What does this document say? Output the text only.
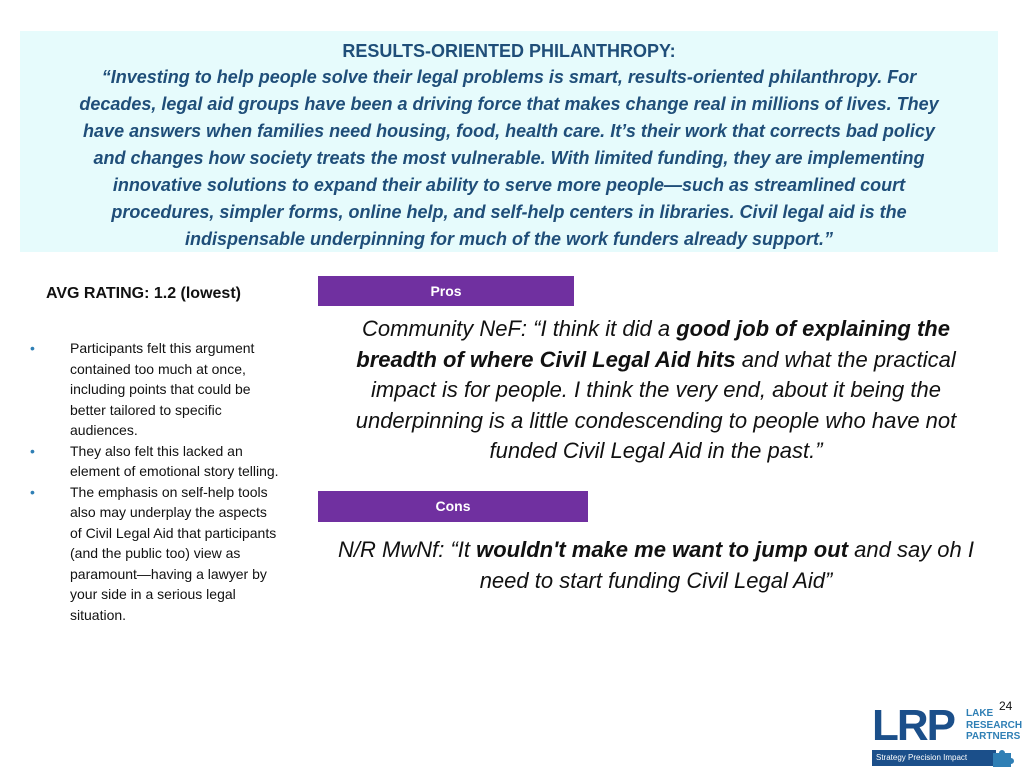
RESULTS-ORIENTED PHILANTHROPY:
“Investing to help people solve their legal problems is smart, results-oriented philanthropy. For
decades, legal aid groups have been a driving force that makes change real in millions of lives. They
have answers when families need housing, food, health care. It’s their work that corrects bad policy
and changes how society treats the most vulnerable. With limited funding, they are implementing
innovative solutions to expand their ability to serve more people—such as streamlined court
procedures, simpler forms, online help, and self-help centers in libraries. Civil legal aid is the
indispensable underpinning for much of the work funders already support.”
AVG RATING: 1.2 (lowest)
•	Participants felt this argument contained too much at once, including points that could be better tailored to specific audiences.
•	They also felt this lacked an element of emotional story telling.
•	The emphasis on self-help tools also may underplay the aspects of Civil Legal Aid that participants (and the public too) view as paramount—having a lawyer by your side in a serious legal situation.
Pros
Community NeF: “I think it did a good job of explaining the breadth of where Civil Legal Aid hits and what the practical impact is for people. I think the very end, about it being the underpinning is a little condescending to people who have not funded Civil Legal Aid in the past.”
Cons
N/R MwNf: “It wouldn't make me want to jump out and say oh I need to start funding Civil Legal Aid”
24
LRP LAKE
RESEARCH
PARTNERS
Strategy Precision Impact
